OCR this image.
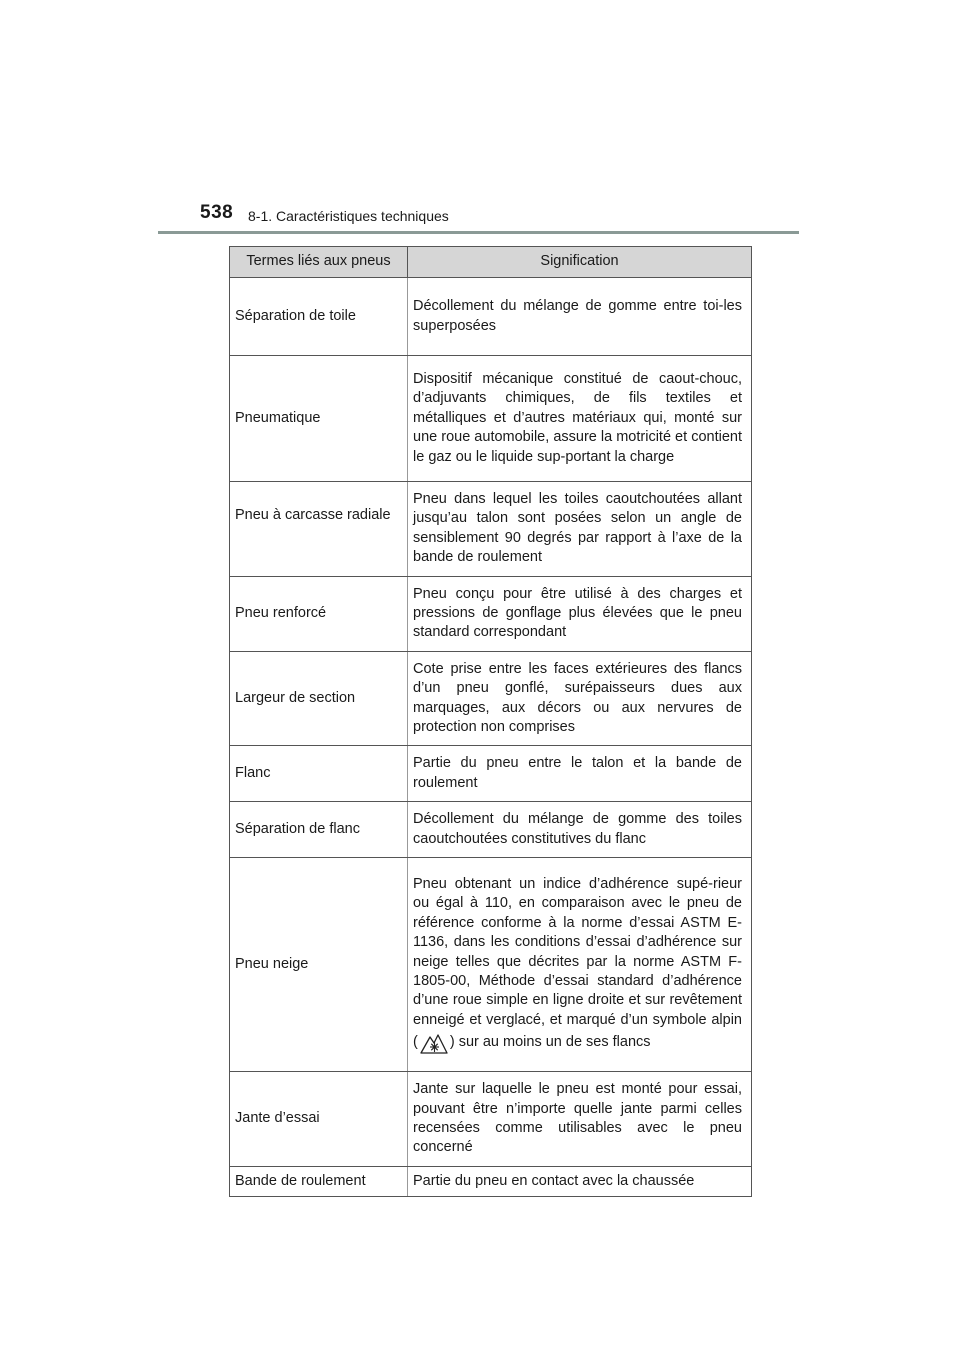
538 8-1. Caractéristiques techniques
Termes liés aux pneus	Signification
Séparation de toile	Décollement du mélange de gomme entre toi-les superposées
Pneumatique	Dispositif mécanique constitué de caout-chouc, d’adjuvants chimiques, de fils textiles et métalliques et d’autres matériaux qui, monté sur une roue automobile, assure la motricité et contient le gaz ou le liquide sup-portant la charge
Pneu à carcasse radiale	Pneu dans lequel les toiles caoutchoutées allant jusqu’au talon sont posées selon un angle de sensiblement 90 degrés par rapport à l’axe de la bande de roulement
Pneu renforcé	Pneu conçu pour être utilisé à des charges et pressions de gonflage plus élevées que le pneu standard correspondant
Largeur de section	Cote prise entre les faces extérieures des flancs d’un pneu gonflé, surépaisseurs dues aux marquages, aux décors ou aux nervures de protection non comprises
Flanc	Partie du pneu entre le talon et la bande de roulement
Séparation de flanc	Décollement du mélange de gomme des toiles caoutchoutées constitutives du flanc
Pneu neige	Pneu obtenant un indice d’adhérence supé-rieur ou égal à 110, en comparaison avec le pneu de référence conforme à la norme d’essai ASTM E-1136, dans les conditions d’essai d’adhérence sur neige telles que décrites par la norme ASTM F-1805-00, Méthode d’essai standard d’adhérence d’une roue simple en ligne droite et sur revêtement enneigé et verglacé, et marqué d’un symbole alpin ( ) sur au moins un de ses flancs
Jante d’essai	Jante sur laquelle le pneu est monté pour essai, pouvant être n’importe quelle jante parmi celles recensées comme utilisables avec le pneu concerné
Bande de roulement	Partie du pneu en contact avec la chaussée
